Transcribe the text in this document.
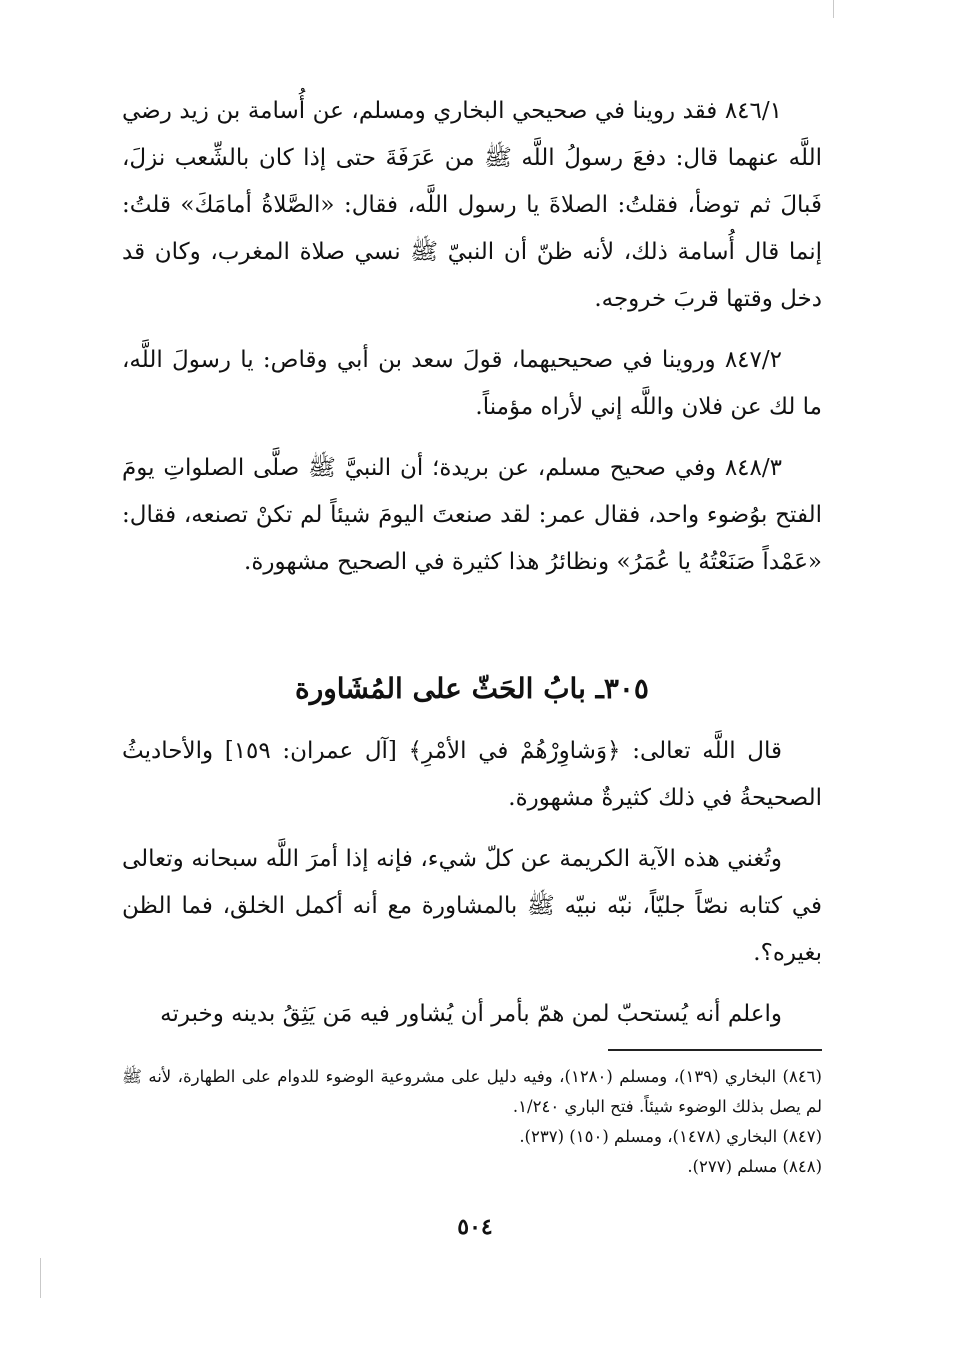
٨٤٦/١ فقد روينا في صحيحي البخاري ومسلم، عن أُسامة بن زيد رضي اللَّه عنهما قال: دفعَ رسولُ اللَّه ﷺ من عَرَفَةَ حتى إذا كان بالشِّعب نزلَ، فَبالَ ثم توضأ، فقلتُ: الصلاةَ يا رسول اللَّه، فقال: «الصَّلاةُ أمامَكَ» قلتُ: إنما قال أُسامة ذلك، لأنه ظنّ أن النبيّ ﷺ نسي صلاة المغرب، وكان قد دخل وقتها قربَ خروجه.

٨٤٧/٢ وروينا في صحيحيهما، قولَ سعد بن أبي وقاص: يا رسولَ اللَّه، ما لك عن فلان واللَّه إني لأراه مؤمناً.

٨٤٨/٣ وفي صحيح مسلم، عن بريدة؛ أن النبيَّ ﷺ صلَّى الصلواتِ يومَ الفتح بوُضوء واحد، فقال عمر: لقد صنعتَ اليومَ شيئاً لم تكنْ تصنعه، فقال: «عَمْداً صَنَعْتُهُ يا عُمَرُ» ونظائرُ هذا كثيرة في الصحيح مشهورة.

٣٠٥ـ بابُ الحَثّ على المُشَاورة

قال اللَّه تعالى: ﴿وَشاوِرْهُمْ في الأمْرِ﴾ [آل عمران: ١٥٩] والأحاديثُ الصحيحةُ في ذلك كثيرةٌ مشهورة.

وتُغني هذه الآية الكريمة عن كلّ شيء، فإنه إذا أمرَ اللَّه سبحانه وتعالى في كتابه نصّاً جليّاً، نبّه نبيّه ﷺ بالمشاورة مع أنه أكمل الخلق، فما الظن بغيره؟.

واعلم أنه يُستحبّ لمن همّ بأمر أن يُشاور فيه مَن يَثِقُ بدينه وخبرته

(٨٤٦) البخاري (١٣٩)، ومسلم (١٢٨٠)، وفيه دليل على مشروعية الوضوء للدوام على الطهارة، لأنه ﷺ لم يصل بذلك الوضوء شيئاً. فتح الباري ١/٢٤٠.

(٨٤٧) البخاري (١٤٧٨)، ومسلم (١٥٠) (٢٣٧).

(٨٤٨) مسلم (٢٧٧).

٥٠٤
